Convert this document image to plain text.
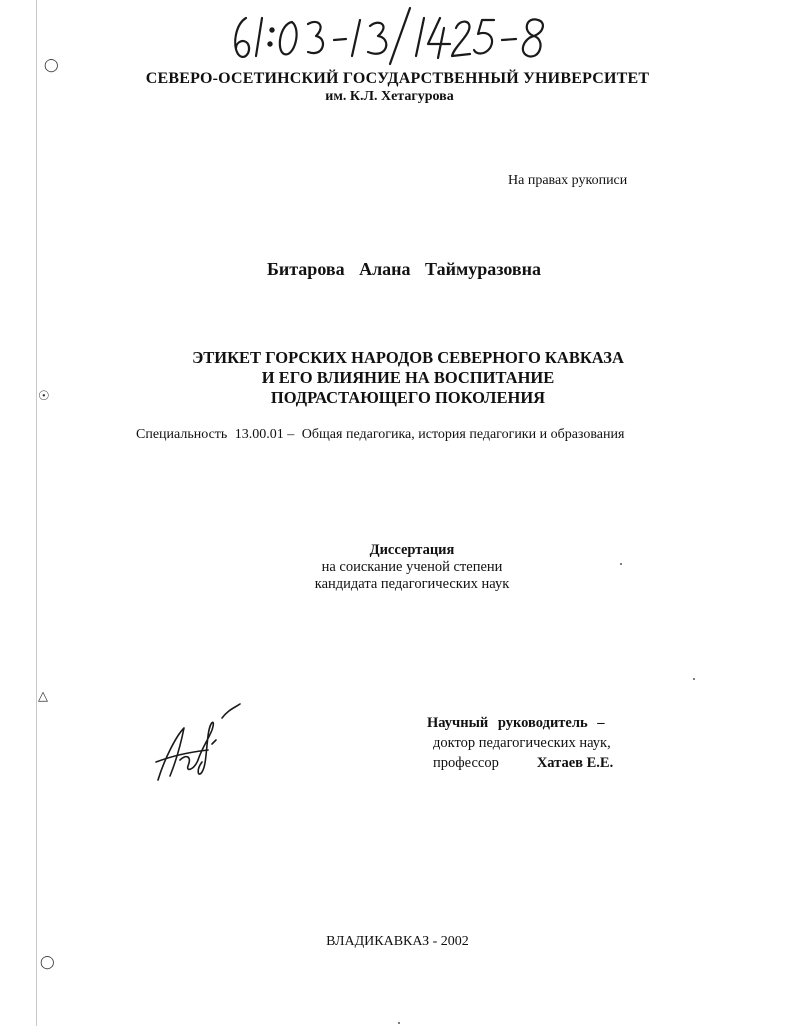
◯
☉
△
◯
СЕВЕРО-ОСЕТИНСКИЙ ГОСУДАРСТВЕННЫЙ УНИВЕРСИТЕТ
им. К.Л. Хетагурова
На правах рукописи
Битарова Алана Таймуразовна
ЭТИКЕТ ГОРСКИХ НАРОДОВ СЕВЕРНОГО КАВКАЗА
И ЕГО ВЛИЯНИЕ НА ВОСПИТАНИЕ
ПОДРАСТАЮЩЕГО ПОКОЛЕНИЯ
Специальность 13.00.01 – Общая педагогика, история педагогики и образования
Диссертация
на соискание ученой степени
кандидата педагогических наук
Научный руководитель –
доктор педагогических наук,
профессор	Хатаев Е.Е.
ВЛАДИКАВКАЗ - 2002
